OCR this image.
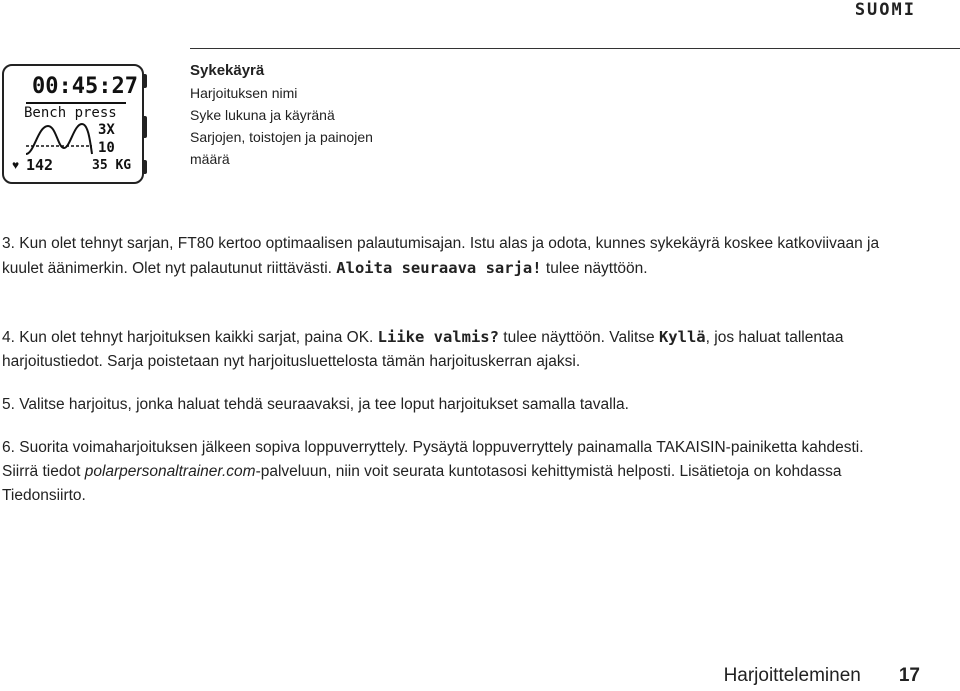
SUOMI
00:45:27
Bench press
3X
10
♥ 142	35 KG
Sykekäyrä
Harjoituksen nimi
Syke lukuna ja käyränä
Sarjojen, toistojen ja painojen
määrä

3. Kun olet tehnyt sarjan, FT80 kertoo optimaalisen palautumisajan. Istu alas ja odota, kunnes sykekäyrä koskee katkoviivaan ja kuulet äänimerkin. Olet nyt palautunut riittävästi. Aloita seuraava sarja! tulee näyttöön.

4. Kun olet tehnyt harjoituksen kaikki sarjat, paina OK. Liike valmis? tulee näyttöön. Valitse Kyllä, jos haluat tallentaa harjoitustiedot. Sarja poistetaan nyt harjoitusluettelosta tämän harjoituskerran ajaksi.

5. Valitse harjoitus, jonka haluat tehdä seuraavaksi, ja tee loput harjoitukset samalla tavalla.

6. Suorita voimaharjoituksen jälkeen sopiva loppuverryttely. Pysäytä loppuverryttely painamalla TAKAISIN-painiketta kahdesti. Siirrä tiedot polarpersonaltrainer.com-palveluun, niin voit seurata kuntotasosi kehittymistä helposti. Lisätietoja on kohdassa Tiedonsiirto.

Harjoitteleminen 17
